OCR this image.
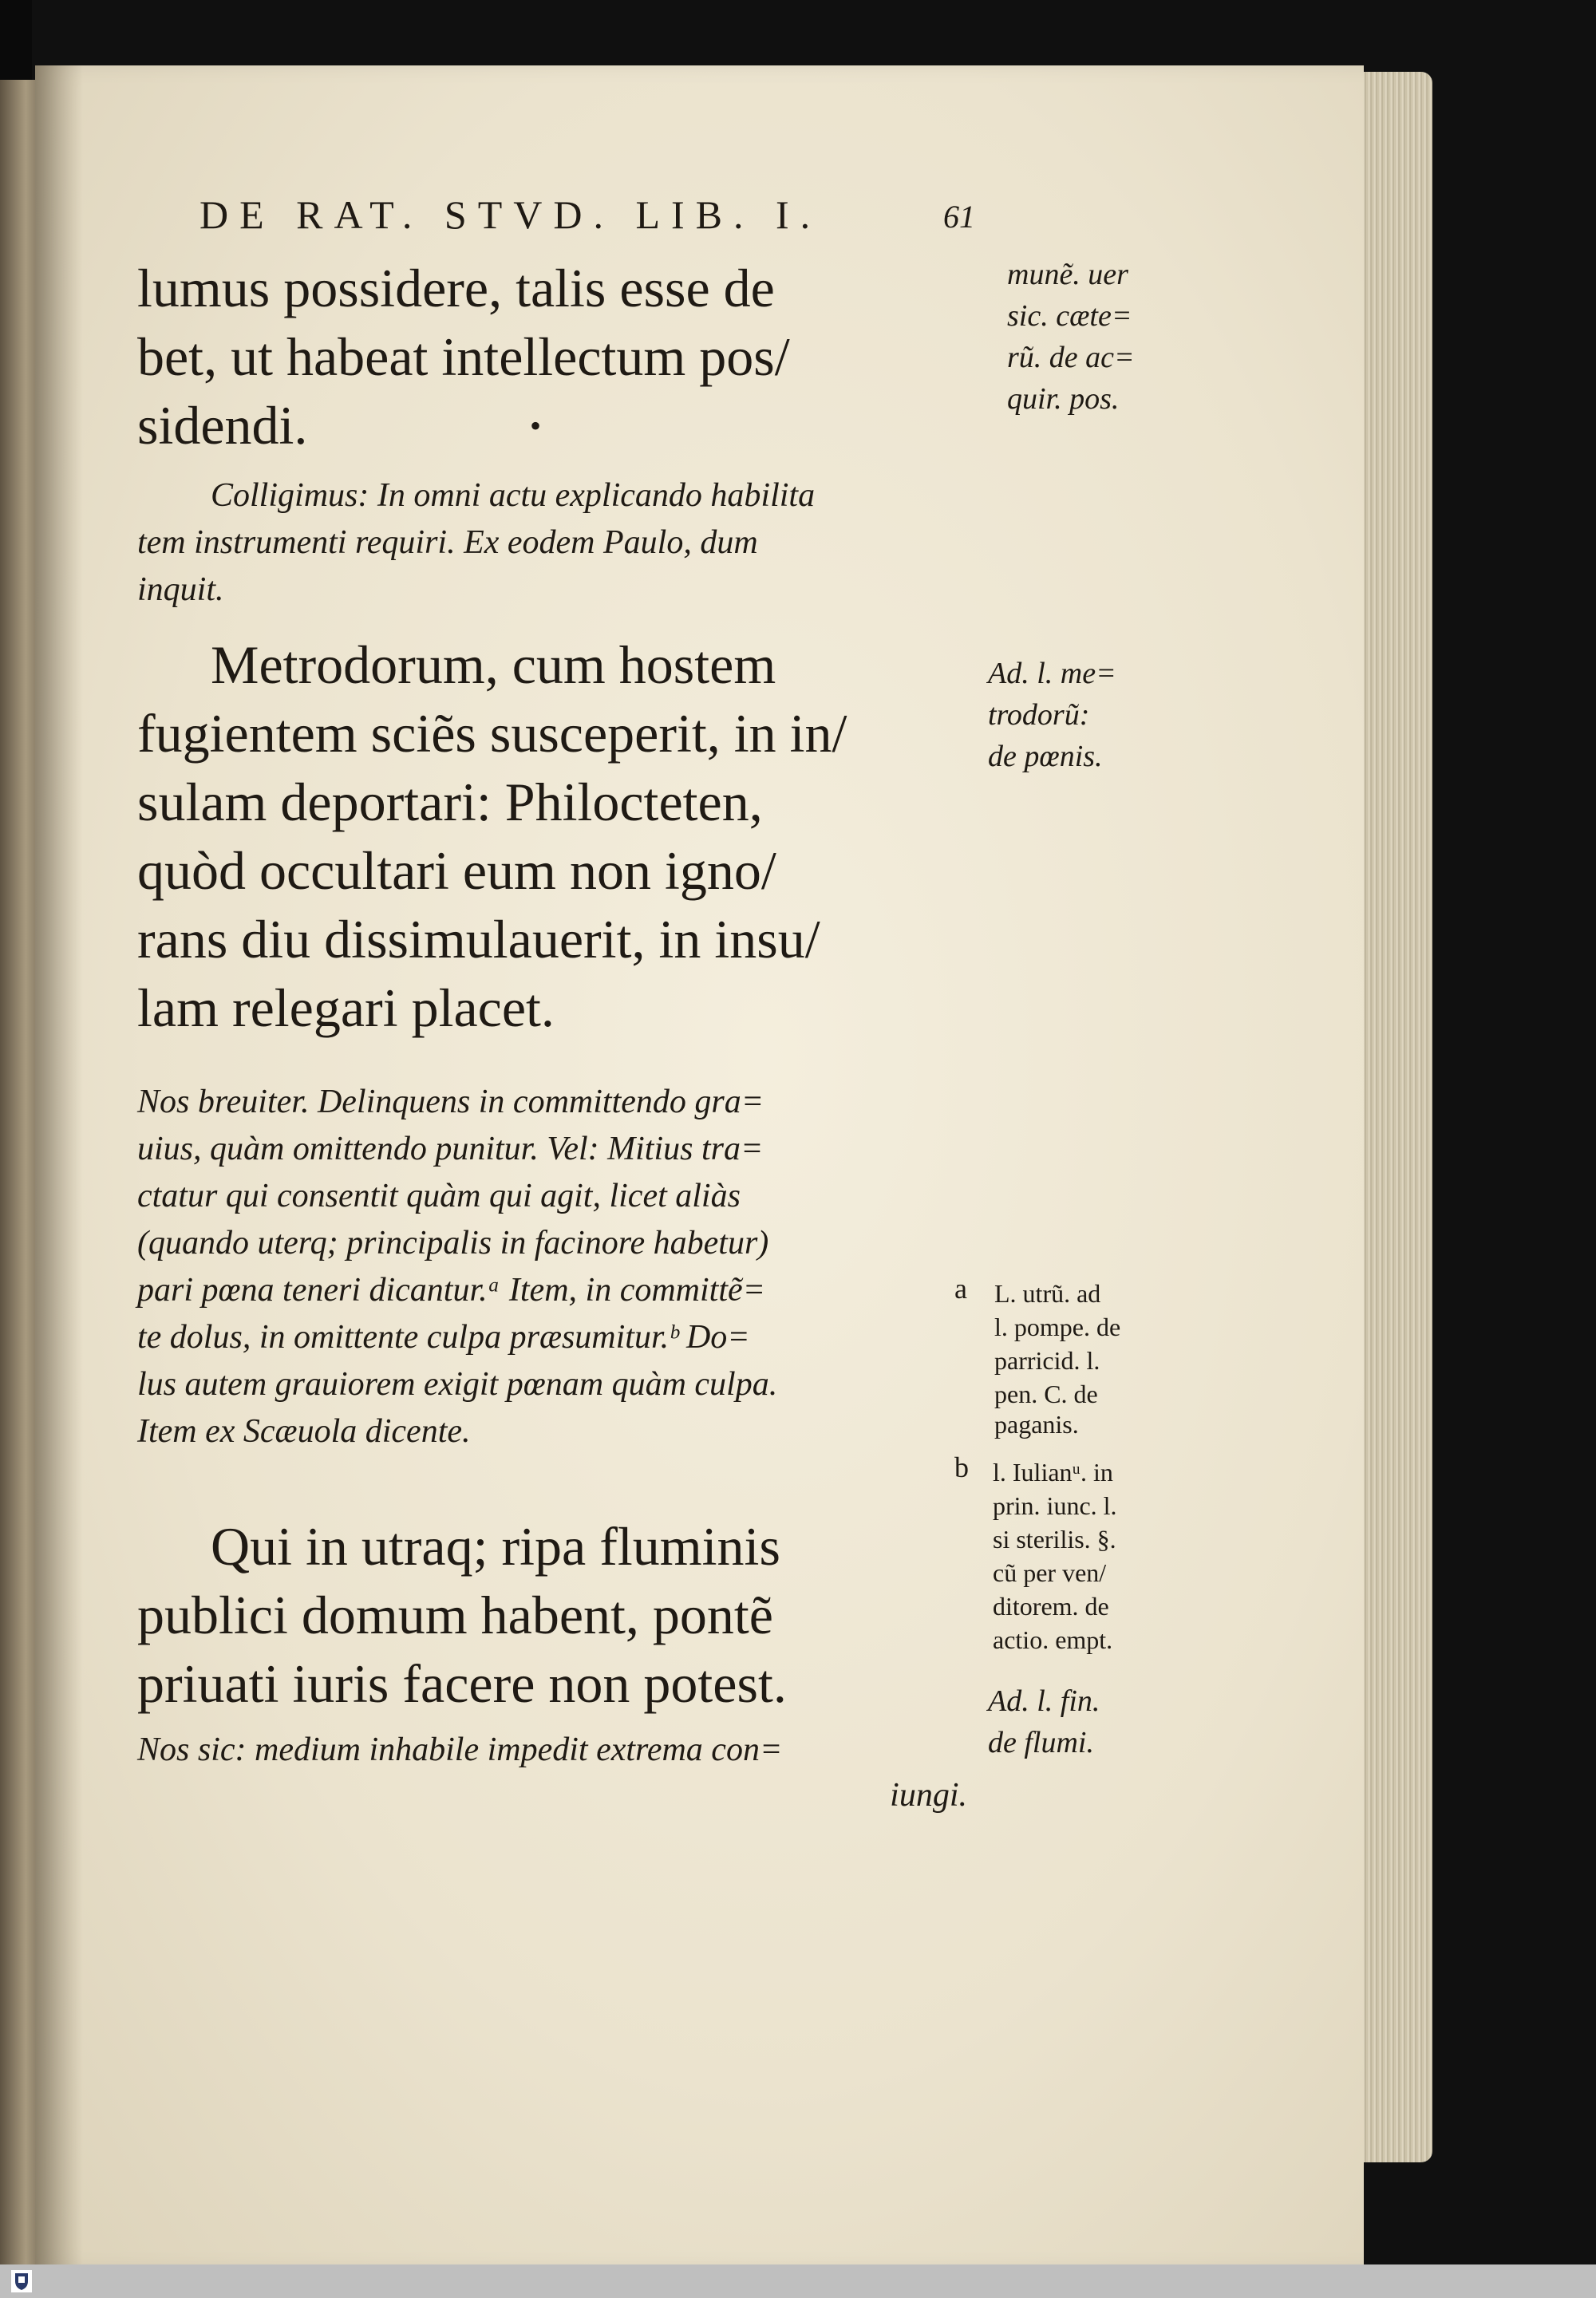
DE RAT. STVD. LIB. I.	61

lumus possidere, talis esse de
bet, ut habeat intellectum pos/
sidendi.	•

Colligimus: In omni actu explicando habilita
tem instrumenti requiri. Ex eodem Paulo, dum
inquit.
Metrodorum, cum hostem
fugientem sciẽs susceperit, in in/
sulam deportari: Philocteten,
quòd occultari eum non igno/
rans diu dissimulauerit, in insu/
lam relegari placet.
Nos breuiter. Delinquens in committendo gra=
uius, quàm omittendo punitur. Vel: Mitius tra=
ctatur qui consentit quàm qui agit, licet aliàs
(quando uterq; principalis in facinore habetur)
pari pœna teneri dicantur.ᵃ Item, in committẽ=
te dolus, in omittente culpa præsumitur.ᵇ Do=
lus autem grauiorem exigit pœnam quàm culpa.
Item ex Scæuola dicente.
Qui in utraq; ripa fluminis
publici domum habent, pontẽ
priuati iuris facere non potest.
Nos sic: medium inhabile impedit extrema con=
iungi.
munẽ. uer
sic. cæte=
rũ. de ac=
quir. pos.
Ad. l. me=
trodorũ:
de pœnis.

a L. utrũ. ad
l. pompe. de
parricid. l.
pen. C. de
paganis.

b l. Iulianᵘ. in
prin. iunc. l.
si sterilis. §.
cũ per ven/
ditorem. de
actio. empt.
Ad. l. fin.
de flumi.
